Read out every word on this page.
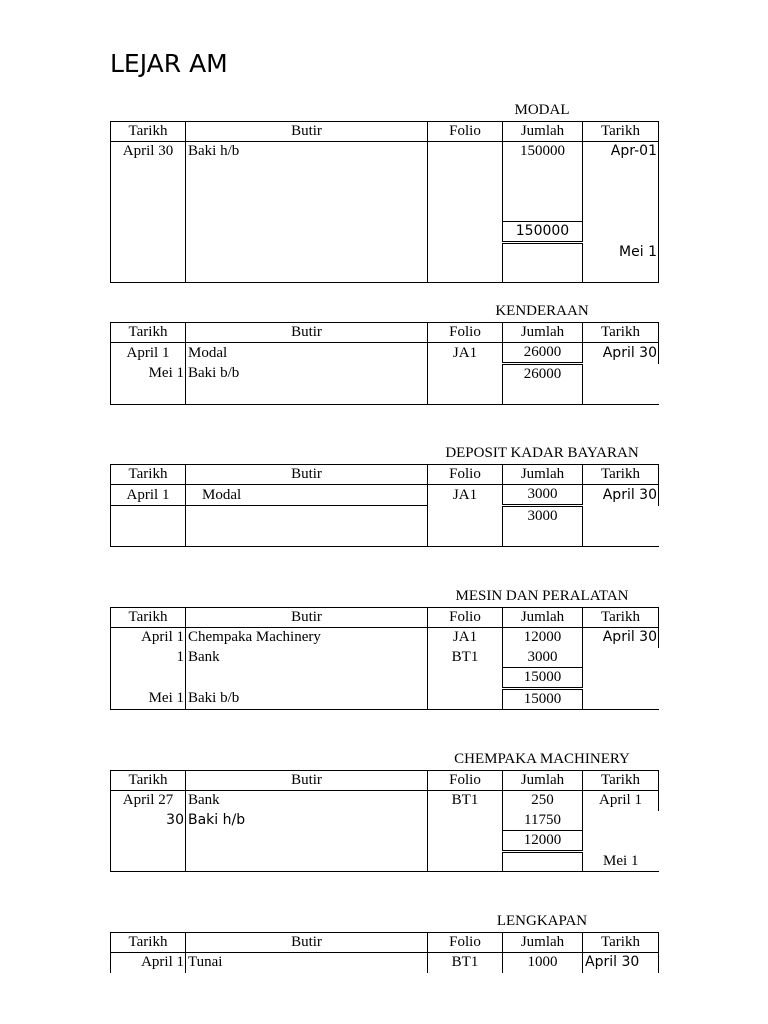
LEJAR AM
MODAL
Tarikh	Butir	Folio	Jumlah	Tarikh
April 30	Baki h/b		150000	Apr-01

			150000	
				Mei 1

KENDERAAN
Tarikh	Butir	Folio	Jumlah	Tarikh
April 1	Modal	JA1	26000	April 30
Mei 1	Baki b/b		26000	

DEPOSIT KADAR BAYARAN
Tarikh	Butir	Folio	Jumlah	Tarikh
April 1	Modal	JA1	3000	April 30
			3000	

MESIN DAN PERALATAN
Tarikh	Butir	Folio	Jumlah	Tarikh
April 1	Chempaka Machinery	JA1	12000	April 30
1	Bank	BT1	3000	
			15000	
Mei 1	Baki b/b		15000	
CHEMPAKA MACHINERY
Tarikh	Butir	Folio	Jumlah	Tarikh
April 27	Bank	BT1	250	April 1
30	Baki h/b		11750	
			12000	
				Mei 1
LENGKAPAN
Tarikh	Butir	Folio	Jumlah	Tarikh
April 1	Tunai	BT1	1000	April 30
